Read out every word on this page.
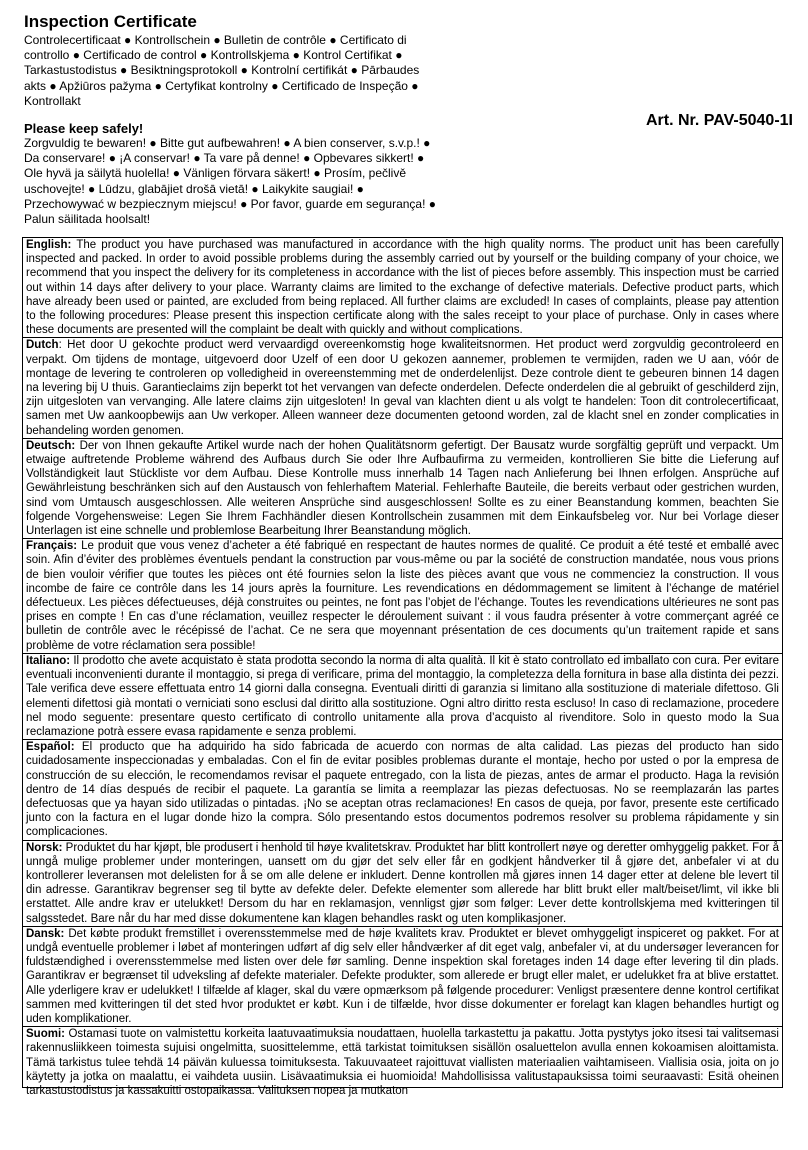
Inspection Certificate
Controlecertificaat ● Kontrollschein ● Bulletin de contrôle ● Certificato di controllo ● Certificado de control ● Kontrollskjema ● Kontrol Certifikat ● Tarkastustodistus ● Besiktningsprotokoll ● Kontrolní certifikát ● Pārbaudes akts ● Apžiūros pažyma ● Certyfikat kontrolny ● Certificado de Inspeção ● Kontrollakt
Please keep safely!
Zorgvuldig te bewaren! ● Bitte gut aufbewahren! ● A bien conserver, s.v.p.! ● Da conservare! ● ¡A conservar! ● Ta vare på denne! ● Opbevares sikkert! ● Ole hyvä ja säilytä huolella! ● Vänligen förvara säkert! ● Prosím, pečlivě uschovejte! ● Lūdzu, glabājiet drošā vietā! ● Laikykite saugiai! ● Przechowywać w bezpiecznym miejscu! ● Por favor, guarde em segurança! ● Palun säilitada hoolsalt!
Art. Nr. PAV-5040-1I
English: The product you have purchased was manufactured in accordance with the high quality norms. The product unit has been carefully inspected and packed. In order to avoid possible problems during the assembly carried out by yourself or the building company of your choice, we recommend that you inspect the delivery for its completeness in accordance with the list of pieces before assembly. This inspection must be carried out within 14 days after delivery to your place. Warranty claims are limited to the exchange of defective materials. Defective product parts, which have already been used or painted, are excluded from being replaced. All further claims are excluded! In cases of complaints, please pay attention to the following procedures: Please present this inspection certificate along with the sales receipt to your place of purchase. Only in cases where these documents are presented will the complaint be dealt with quickly and without complications.
Dutch: Het door U gekochte product werd vervaardigd overeenkomstig hoge kwaliteitsnormen. Het product werd zorgvuldig gecontroleerd en verpakt. Om tijdens de montage, uitgevoerd door Uzelf of een door U gekozen aannemer, problemen te vermijden, raden we U aan, vóór de montage de levering te controleren op volledigheid in overeenstemming met de onderdelenlijst. Deze controle dient te gebeuren binnen 14 dagen na levering bij U thuis. Garantieclaims zijn beperkt tot het vervangen van defecte onderdelen. Defecte onderdelen die al gebruikt of geschilderd zijn, zijn uitgesloten van vervanging. Alle latere claims zijn uitgesloten! In geval van klachten dient u als volgt te handelen: Toon dit controlecertificaat, samen met Uw aankoopbewijs aan Uw verkoper. Alleen wanneer deze documenten getoond worden, zal de klacht snel en zonder complicaties in behandeling worden genomen.
Deutsch: Der von Ihnen gekaufte Artikel wurde nach der hohen Qualitätsnorm gefertigt. Der Bausatz wurde sorgfältig geprüft und verpackt. Um etwaige auftretende Probleme während des Aufbaus durch Sie oder Ihre Aufbaufirma zu vermeiden, kontrollieren Sie bitte die Lieferung auf Vollständigkeit laut Stückliste vor dem Aufbau. Diese Kontrolle muss innerhalb 14 Tagen nach Anlieferung bei Ihnen erfolgen. Ansprüche auf Gewährleistung beschränken sich auf den Austausch von fehlerhaftem Material. Fehlerhafte Bauteile, die bereits verbaut oder gestrichen wurden, sind vom Umtausch ausgeschlossen. Alle weiteren Ansprüche sind ausgeschlossen! Sollte es zu einer Beanstandung kommen, beachten Sie folgende Vorgehensweise: Legen Sie Ihrem Fachhändler diesen Kontrollschein zusammen mit dem Einkaufsbeleg vor. Nur bei Vorlage dieser Unterlagen ist eine schnelle und problemlose Bearbeitung Ihrer Beanstandung möglich.
Français: Le produit que vous venez d’acheter a été fabriqué en respectant de hautes normes de qualité. Ce produit a été testé et emballé avec soin. Afin d’éviter des problèmes éventuels pendant la construction par vous-même ou par la société de construction mandatée, nous vous prions de bien vouloir vérifier que toutes les pièces ont été fournies selon la liste des pièces avant que vous ne commenciez la construction. Il vous incombe de faire ce contrôle dans les 14 jours après la fourniture. Les revendications en dédommagement se limitent à l’échange de matériel défectueux. Les pièces défectueuses, déjà construites ou peintes, ne font pas l’objet de l’échange. Toutes les revendications ultérieures ne sont pas prises en compte ! En cas d’une réclamation, veuillez respecter le déroulement suivant : il vous faudra présenter à votre commerçant agréé ce bulletin de contrôle avec le récépissé de l’achat. Ce ne sera que moyennant présentation de ces documents qu’un traitement rapide et sans problème de votre réclamation sera possible!
Italiano: Il prodotto che avete acquistato è stata prodotta secondo la norma di alta qualità. Il kit è stato controllato ed imballato con cura. Per evitare eventuali inconvenienti durante il montaggio, si prega di verificare, prima del montaggio, la completezza della fornitura in base alla distinta dei pezzi. Tale verifica deve essere effettuata entro 14 giorni dalla consegna. Eventuali diritti di garanzia si limitano alla sostituzione di materiale difettoso. Gli elementi difettosi già montati o verniciati sono esclusi dal diritto alla sostituzione. Ogni altro diritto resta escluso! In caso di reclamazione, procedere nel modo seguente: presentare questo certificato di controllo unitamente alla prova d’acquisto al rivenditore. Solo in questo modo la Sua reclamazione potrà essere evasa rapidamente e senza problemi.
Español: El producto que ha adquirido ha sido fabricada de acuerdo con normas de alta calidad. Las piezas del producto han sido cuidadosamente inspeccionadas y embaladas. Con el fin de evitar posibles problemas durante el montaje, hecho por usted o por la empresa de construcción de su elección, le recomendamos revisar el paquete entregado, con la lista de piezas, antes de armar el producto. Haga la revisión dentro de 14 días después de recibir el paquete. La garantía se limita a reemplazar las piezas defectuosas. No se reemplazarán las partes defectuosas que ya hayan sido utilizadas o pintadas. ¡No se aceptan otras reclamaciones! En casos de queja, por favor, presente este certificado junto con la factura en el lugar donde hizo la compra. Sólo presentando estos documentos podremos resolver su problema rápidamente y sin complicaciones.
Norsk: Produktet du har kjøpt, ble produsert i henhold til høye kvalitetskrav. Produktet har blitt kontrollert nøye og deretter omhyggelig pakket. For å unngå mulige problemer under monteringen, uansett om du gjør det selv eller får en godkjent håndverker til å gjøre det, anbefaler vi at du kontrollerer leveransen mot delelisten for å se om alle delene er inkludert. Denne kontrollen må gjøres innen 14 dager etter at delene ble levert til din adresse. Garantikrav begrenser seg til bytte av defekte deler. Defekte elementer som allerede har blitt brukt eller malt/beiset/limt, vil ikke bli erstattet. Alle andre krav er utelukket! Dersom du har en reklamasjon, vennligst gjør som følger: Lever dette kontrollskjema med kvitteringen til salgsstedet. Bare når du har med disse dokumentene kan klagen behandles raskt og uten komplikasjoner.
Dansk: Det købte produkt fremstillet i overensstemmelse med de høje kvalitets krav. Produktet er blevet omhyggeligt inspiceret og pakket. For at undgå eventuelle problemer i løbet af monteringen udført af dig selv eller håndværker af dit eget valg, anbefaler vi, at du undersøger leverancen for fuldstændighed i overensstemmelse med listen over dele før samling. Denne inspektion skal foretages inden 14 dage efter levering til din plads. Garantikrav er begrænset til udveksling af defekte materialer. Defekte produkter, som allerede er brugt eller malet, er udelukket fra at blive erstattet. Alle yderligere krav er udelukket! I tilfælde af klager, skal du være opmærksom på følgende procedurer: Venligst præsentere denne kontrol certifikat sammen med kvitteringen til det sted hvor produktet er købt. Kun i de tilfælde, hvor disse dokumenter er forelagt kan klagen behandles hurtigt og uden komplikationer.
Suomi: Ostamasi tuote on valmistettu korkeita laatuvaatimuksia noudattaen, huolella tarkastettu ja pakattu. Jotta pystytys joko itsesi tai valitsemasi rakennusliikkeen toimesta sujuisi ongelmitta, suosittelemme, että tarkistat toimituksen sisällön osaluettelon avulla ennen kokoamisen aloittamista. Tämä tarkistus tulee tehdä 14 päivän kuluessa toimituksesta. Takuuvaateet rajoittuvat viallisten materiaalien vaihtamiseen. Viallisia osia, joita on jo käytetty ja jotka on maalattu, ei vaihdeta uusiin. Lisävaatimuksia ei huomioida! Mahdollisissa valitustapauksissa toimi seuraavasti: Esitä oheinen tarkastustodistus ja kassakuitti ostopaikassa. Valituksen nopea ja mutkaton
